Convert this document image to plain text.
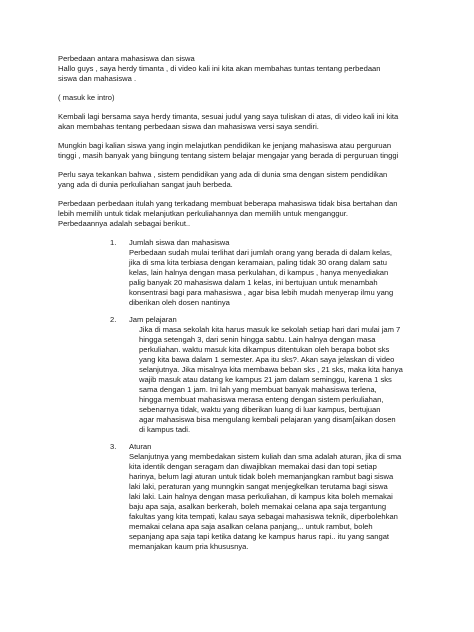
Perbedaan antara mahasiswa dan siswa

Hallo guys , saya herdy timanta , di video kali ini kita akan membahas tuntas tentang perbedaan
siswa dan mahasiswa .
( masuk ke intro)
Kembali lagi bersama saya herdy timanta, sesuai judul yang saya tuliskan di atas, di video kali ini kita
akan membahas tentang perbedaan siswa dan mahasiswa versi saya sendiri.
Mungkin bagi kalian siswa yang ingin melajutkan pendidikan ke jenjang mahasiswa atau perguruan
tinggi , masih banyak yang biingung tentang sistem belajar mengajar yang berada di perguruan tinggi
Perlu saya tekankan bahwa , sistem pendidikan yang ada di dunia sma dengan sistem pendidikan
yang ada di dunia perkuliahan sangat jauh berbeda.
Perbedaan perbedaan itulah yang terkadang membuat beberapa mahasiswa tidak bisa bertahan dan
lebih memilih untuk tidak melanjutkan perkuliahannya dan memilih untuk menganggur.
Perbedaannya adalah sebagai berikut..
1. Jumlah siswa dan mahasiswa
Perbedaan sudah mulai terlihat dari jumlah orang yang berada di dalam kelas,
jika di sma kita terbiasa dengan keramaian, paling tidak 30 orang dalam satu
kelas, lain halnya dengan masa perkulahan, di kampus , hanya menyediakan
palig banyak 20 mahasiswa dalam 1 kelas, ini bertujuan untuk menambah
konsentrasi bagi para mahasiswa , agar bisa lebih mudah menyerap ilmu yang
diberikan oleh dosen nantinya
2. Jam pelajaran
Jika di masa sekolah kita harus masuk ke sekolah setiap hari dari mulai jam 7
hingga setengah 3, dari senin hingga sabtu. Lain halnya dengan masa
perkuliahan. waktu masuk kita dikampus ditentukan oleh berapa bobot sks
yang kita bawa dalam 1 semester. Apa itu sks?. Akan saya jelaskan di video
selanjutnya. Jika misalnya kita membawa beban sks , 21 sks, maka kita hanya
wajib masuk atau datang ke kampus 21 jam dalam seminggu, karena 1 sks
sama dengan 1 jam. Ini lah yang membuat banyak mahasiswa terlena,
hingga membuat mahasiswa merasa enteng dengan sistem perkuliahan,
sebenarnya tidak, waktu yang diberikan luang di luar kampus, bertujuan
agar mahasiswa bisa mengulang kembali pelajaran yang disam[aikan dosen
di kampus tadi.
3. Aturan
Selanjutnya yang membedakan sistem kuliah dan sma adalah aturan, jika di sma
kita identik dengan seragam dan diwajibkan memakai dasi dan topi setiap
harinya, belum lagi aturan untuk tidak boleh memanjangkan rambut bagi siswa
laki laki, peraturan yang munngkin sangat menjegkelkan terutama bagi siswa
laki laki. Lain halnya dengan masa perkuliahan, di kampus kita boleh memakai
baju apa saja, asalkan berkerah, boleh memakai celana apa saja tergantung
fakultas yang kita tempati, kalau saya sebagai mahasiswa teknik, diperbolehkan
memakai celana apa saja asalkan celana panjang,.. untuk rambut, boleh
sepanjang apa saja tapi ketika datang ke kampus harus rapi.. itu yang sangat
memanjakan kaum pria khususnya.
